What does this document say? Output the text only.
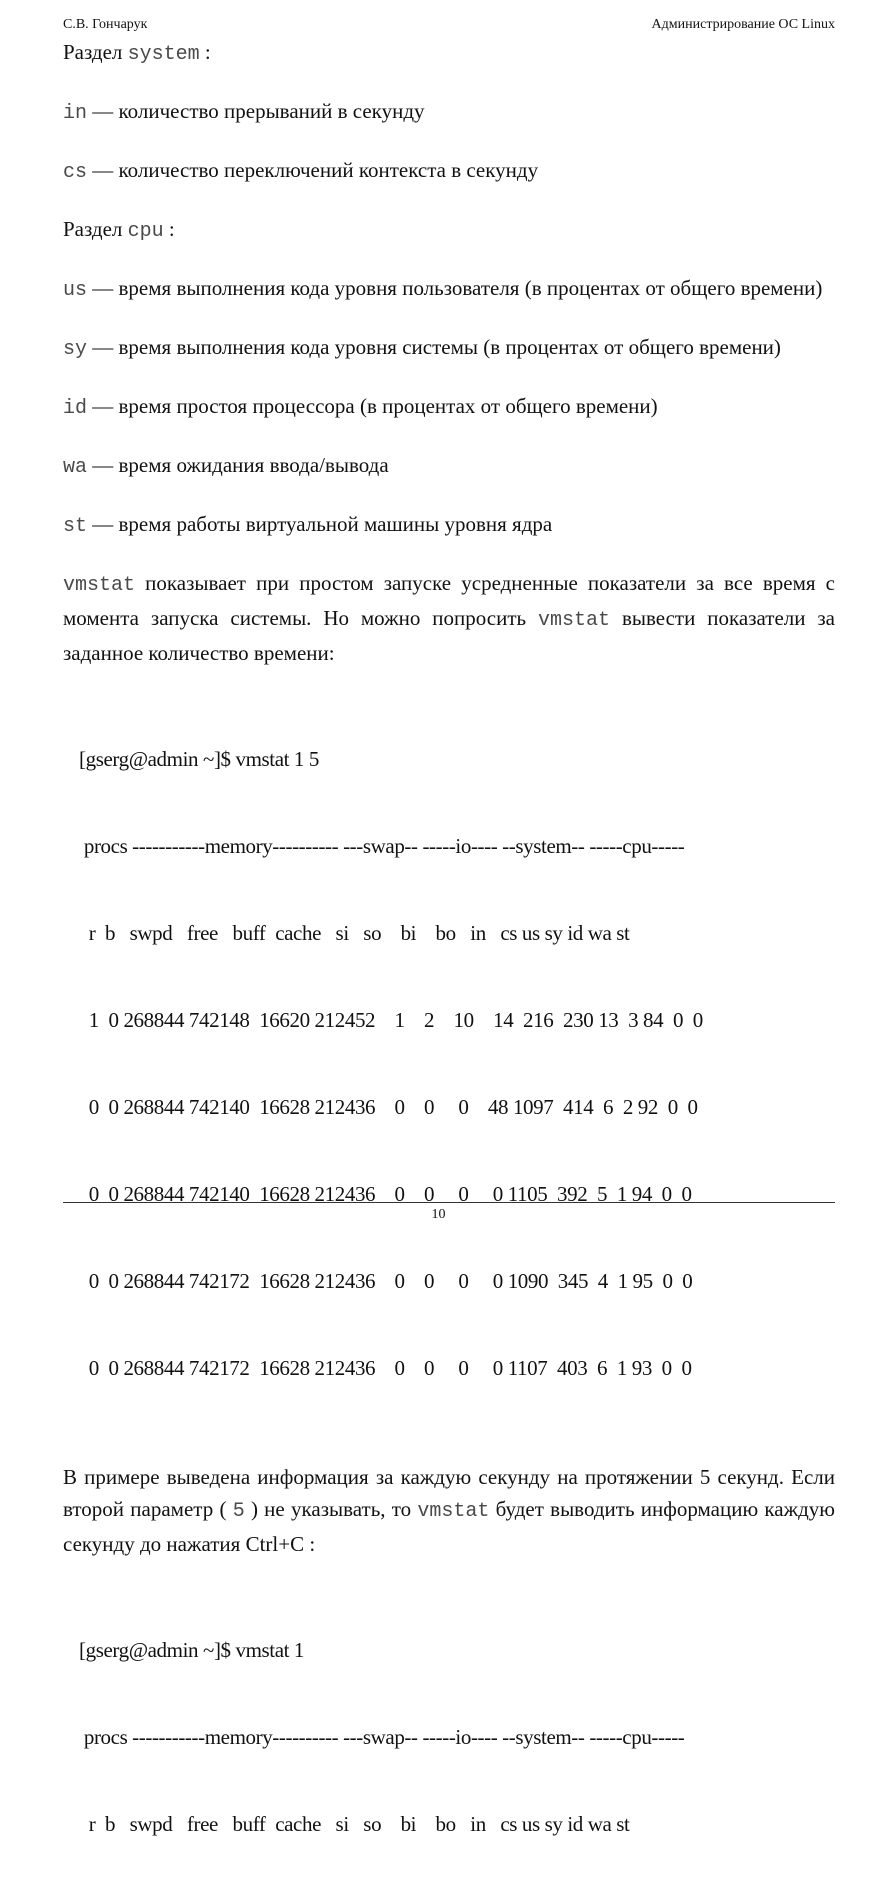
С.В. Гончарук	Администрирование ОС Linux

Раздел system :

in — количество прерываний в секунду

cs — количество переключений контекста в секунду

Раздел cpu :

us — время выполнения кода уровня пользователя (в процентах от общего времени)

sy — время выполнения кода уровня системы (в процентах от общего времени)

id — время простоя процессора (в процентах от общего времени)

wa — время ожидания ввода/вывода

st — время работы виртуальной машины уровня ядра

vmstat показывает при простом запуске усредненные показатели за все время с момента запуска системы. Но можно попросить vmstat вывести показатели за заданное количество времени:

[gserg@admin ~]$ vmstat 1 5

procs -----------memory---------- ---swap-- -----io---- --system-- -----cpu-----

r  b   swpd   free   buff  cache   si   so    bi    bo   in   cs us sy id wa st

1  0 268844 742148  16620 212452    1    2    10    14  216  230 13  3 84  0  0

0  0 268844 742140  16628 212436    0    0     0    48 1097  414  6  2 92  0  0

0  0 268844 742140  16628 212436    0    0     0     0 1105  392  5  1 94  0  0

0  0 268844 742172  16628 212436    0    0     0     0 1090  345  4  1 95  0  0

0  0 268844 742172  16628 212436    0    0     0     0 1107  403  6  1 93  0  0

В примере выведена информация за каждую секунду на протяжении 5 секунд. Если второй параметр ( 5 ) не указывать, то vmstat будет выводить информацию каждую секунду до нажатия Ctrl+C :

[gserg@admin ~]$ vmstat 1

procs -----------memory---------- ---swap-- -----io---- --system-- -----cpu-----

r  b   swpd   free   buff  cache   si   so    bi    bo   in   cs us sy id wa st

10
